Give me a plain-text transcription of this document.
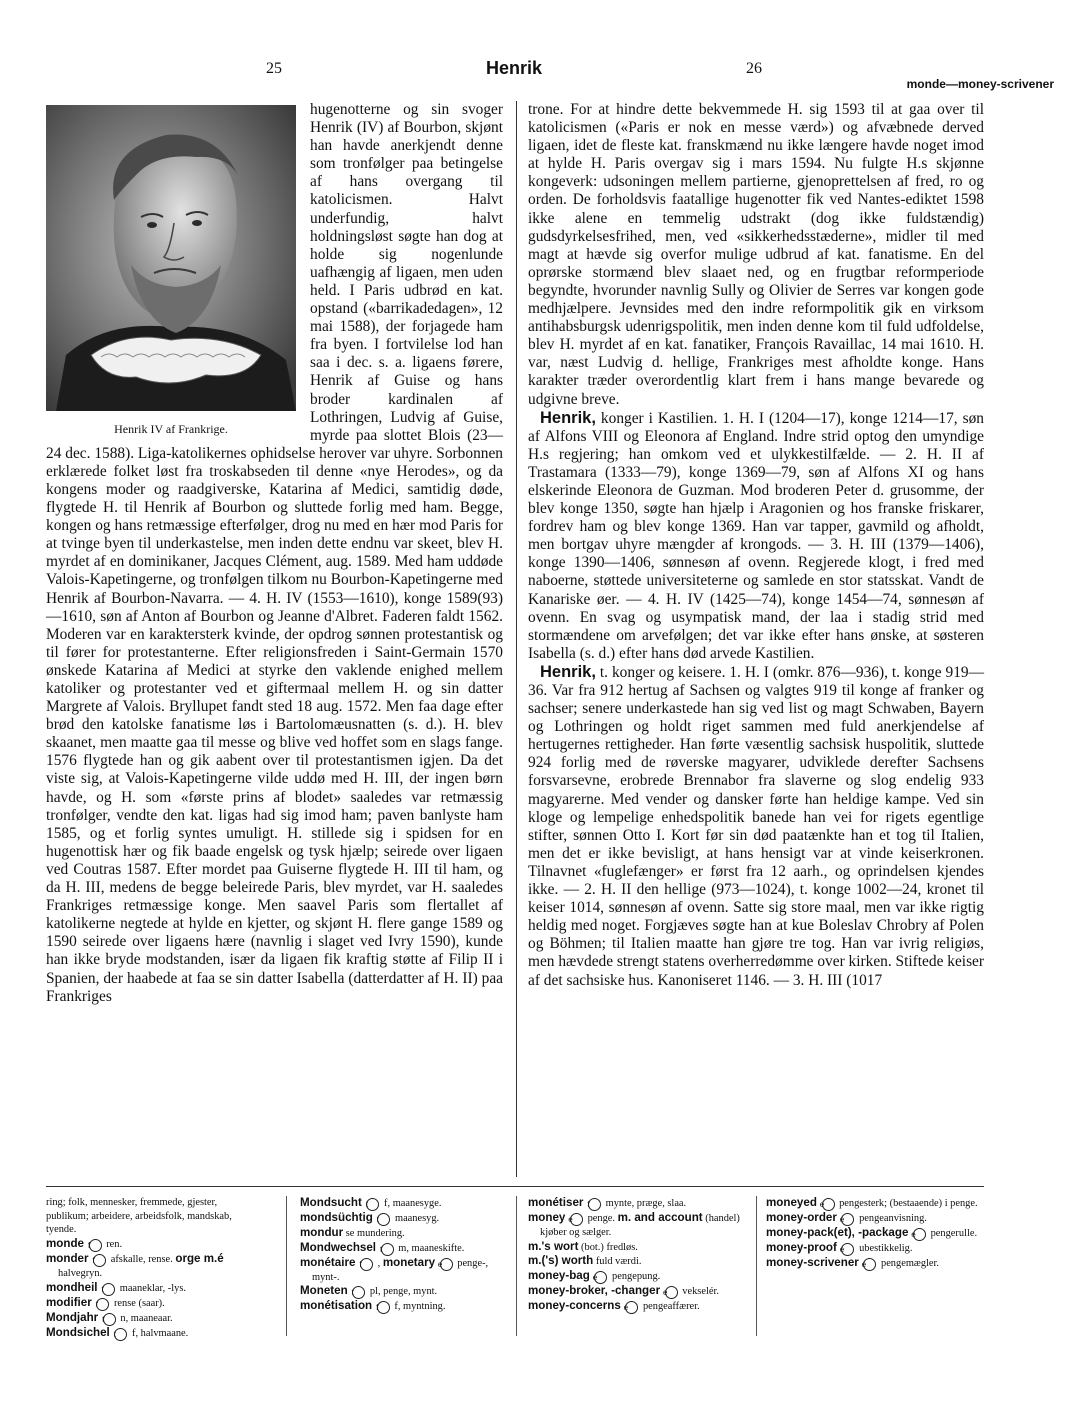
25	Henrik	26
monde—money-scrivener
Henrik IV af Frankrige.

hugenotterne og sin svoger Henrik (IV) af Bourbon, skjønt han havde anerkjendt denne som tronfølger paa betingelse af hans overgang til katolicismen. Halvt underfundig, halvt holdningsløst søgte han dog at holde sig nogenlunde uafhængig af ligaen, men uden held. I Paris udbrød en kat. opstand («barrikadedagen», 12 mai 1588), der forjagede ham fra byen. I fortvilelse lod han saa i dec. s. a. ligaens førere, Henrik af Guise og hans broder kardinalen af Lothringen, Ludvig af Guise, myrde paa slottet Blois (23—24 dec. 1588). Liga-katolikernes ophidselse herover var uhyre. Sorbonnen erklærede folket løst fra troskabseden til denne «nye Herodes», og da kongens moder og raadgiverske, Katarina af Medici, samtidig døde, flygtede H. til Henrik af Bourbon og sluttede forlig med ham. Begge, kongen og hans retmæssige efterfølger, drog nu med en hær mod Paris for at tvinge byen til underkastelse, men inden dette endnu var skeet, blev H. myrdet af en dominikaner, Jacques Clément, aug. 1589. Med ham uddøde Valois-Kapetingerne, og tronfølgen tilkom nu Bourbon-Kapetingerne med Henrik af Bourbon-Navarra. — 4. H. IV (1553—1610), konge 1589(93)—1610, søn af Anton af Bourbon og Jeanne d'Albret. Faderen faldt 1562. Moderen var en karaktersterk kvinde, der opdrog sønnen protestantisk og til fører for protestanterne. Efter religionsfreden i Saint-Germain 1570 ønskede Katarina af Medici at styrke den vaklende enighed mellem katoliker og protestanter ved et giftermaal mellem H. og sin datter Margrete af Valois. Bryllupet fandt sted 18 aug. 1572. Men faa dage efter brød den katolske fanatisme løs i Bartolomæusnatten (s. d.). H. blev skaanet, men maatte gaa til messe og blive ved hoffet som en slags fange. 1576 flygtede han og gik aabent over til protestantismen igjen. Da det viste sig, at Valois-Kapetingerne vilde uddø med H. III, der ingen børn havde, og H. som «første prins af blodet» saaledes var retmæssig tronfølger, vendte den kat. ligas had sig imod ham; paven banlyste ham 1585, og et forlig syntes umuligt. H. stillede sig i spidsen for en hugenottisk hær og fik baade engelsk og tysk hjælp; seirede over ligaen ved Coutras 1587. Efter mordet paa Guiserne flygtede H. III til ham, og da H. III, medens de begge beleirede Paris, blev myrdet, var H. saaledes Frankriges retmæssige konge. Men saavel Paris som flertallet af katolikerne negtede at hylde en kjetter, og skjønt H. flere gange 1589 og 1590 seirede over ligaens hære (navnlig i slaget ved Ivry 1590), kunde han ikke bryde modstanden, især da ligaen fik kraftig støtte af Filip II i Spanien, der haabede at faa se sin datter Isabella (datterdatter af H. II) paa Frankriges

trone. For at hindre dette bekvemmede H. sig 1593 til at gaa over til katolicismen («Paris er nok en messe værd») og afvæbnede derved ligaen, idet de fleste kat. franskmænd nu ikke længere havde noget imod at hylde H. Paris overgav sig i mars 1594. Nu fulgte H.s skjønne kongeverk: udsoningen mellem partierne, gjenoprettelsen af fred, ro og orden. De forholdsvis faatallige hugenotter fik ved Nantes-ediktet 1598 ikke alene en temmelig udstrakt (dog ikke fuldstændig) gudsdyrkelsesfrihed, men, ved «sikkerhedsstæderne», midler til med magt at hævde sig overfor mulige udbrud af kat. fanatisme. En del oprørske stormænd blev slaaet ned, og en frugtbar reformperiode begyndte, hvorunder navnlig Sully og Olivier de Serres var kongen gode medhjælpere. Jevnsides med den indre reformpolitik gik en virksom antihabsburgsk udenrigspolitik, men inden denne kom til fuld udfoldelse, blev H. myrdet af en kat. fanatiker, François Ravaillac, 14 mai 1610. H. var, næst Ludvig d. hellige, Frankriges mest afholdte konge. Hans karakter træder overordentlig klart frem i hans mange bevarede og udgivne breve.

Henrik, konger i Kastilien. 1. H. I (1204—17), konge 1214—17, søn af Alfons VIII og Eleonora af England. Indre strid optog den umyndige H.s regjering; han omkom ved et ulykkestilfælde. — 2. H. II af Trastamara (1333—79), konge 1369—79, søn af Alfons XI og hans elskerinde Eleonora de Guzman. Mod broderen Peter d. grusomme, der blev konge 1350, søgte han hjælp i Aragonien og hos franske friskarer, fordrev ham og blev konge 1369. Han var tapper, gavmild og afholdt, men bortgav uhyre mængder af krongods. — 3. H. III (1379—1406), konge 1390—1406, sønnesøn af ovenn. Regjerede klogt, i fred med naboerne, støttede universiteterne og samlede en stor statsskat. Vandt de Kanariske øer. — 4. H. IV (1425—74), konge 1454—74, sønnesøn af ovenn. En svag og usympatisk mand, der laa i stadig strid med stormændene om arvefølgen; det var ikke efter hans ønske, at søsteren Isabella (s. d.) efter hans død arvede Kastilien.

Henrik, t. konger og keisere. 1. H. I (omkr. 876—936), t. konge 919—36. Var fra 912 hertug af Sachsen og valgtes 919 til konge af franker og sachser; senere underkastede han sig ved list og magt Schwaben, Bayern og Lothringen og holdt riget sammen med fuld anerkjendelse af hertugernes rettigheder. Han førte væsentlig sachsisk huspolitik, sluttede 924 forlig med de røverske magyarer, udviklede derefter Sachsens forsvarsevne, erobrede Brennabor fra slaverne og slog endelig 933 magyarerne. Med vender og dansker førte han heldige kampe. Ved sin kloge og lempelige enhedspolitik banede han vei for rigets egentlige stifter, sønnen Otto I. Kort før sin død paatænkte han et tog til Italien, men det er ikke bevisligt, at hans hensigt var at vinde keiserkronen. Tilnavnet «fuglefænger» er først fra 12 aarh., og oprindelsen kjendes ikke. — 2. H. II den hellige (973—1024), t. konge 1002—24, kronet til keiser 1014, sønnesøn af ovenn. Satte sig store maal, men var ikke rigtig heldig med noget. Forgjæves søgte han at kue Boleslav Chrobry af Polen og Böhmen; til Italien maatte han gjøre tre tog. Han var ivrig religiøs, men hævdede strengt statens overherredømme over kirken. Stiftede keiser af det sachsiske hus. Kanoniseret 1146. — 3. H. III (1017

ring; folk, mennesker, fremmede, gjester, publikum; arbeidere, arbeidsfolk, mandskab, tyende.

monde f ren.

monder f afskalle, rense. orge m.é halvegryn.

mondheil t maaneklar, -lys.

modifier f rense (saar).

Mondjahr t n, maaneaar.

Mondsichel t f, halvmaane.

Mondsucht t f, maanesyge.

mondsüchtig t maanesyg.

mondur se mundering.

Mondwechsel t m, maaneskifte.

monétaire f , monetary e penge-, mynt-.

Moneten t pl, penge, mynt.

monétisation f f, myntning.

monétiser f mynte, præge, slaa.

money e penge. m. and account (handel) kjøber og sælger.

m.'s wort (bot.) fredløs.

m.('s) worth fuld værdi.

money-bag e pengepung.

money-broker, -changer e vekselér.

money-concerns e pengeaffærer.

moneyed e pengesterk; (bestaaende) i penge.

money-order e pengeanvisning.

money-pack(et), -package e pengerulle.

money-proof e ubestikkelig.

money-scrivener e pengemægler.
